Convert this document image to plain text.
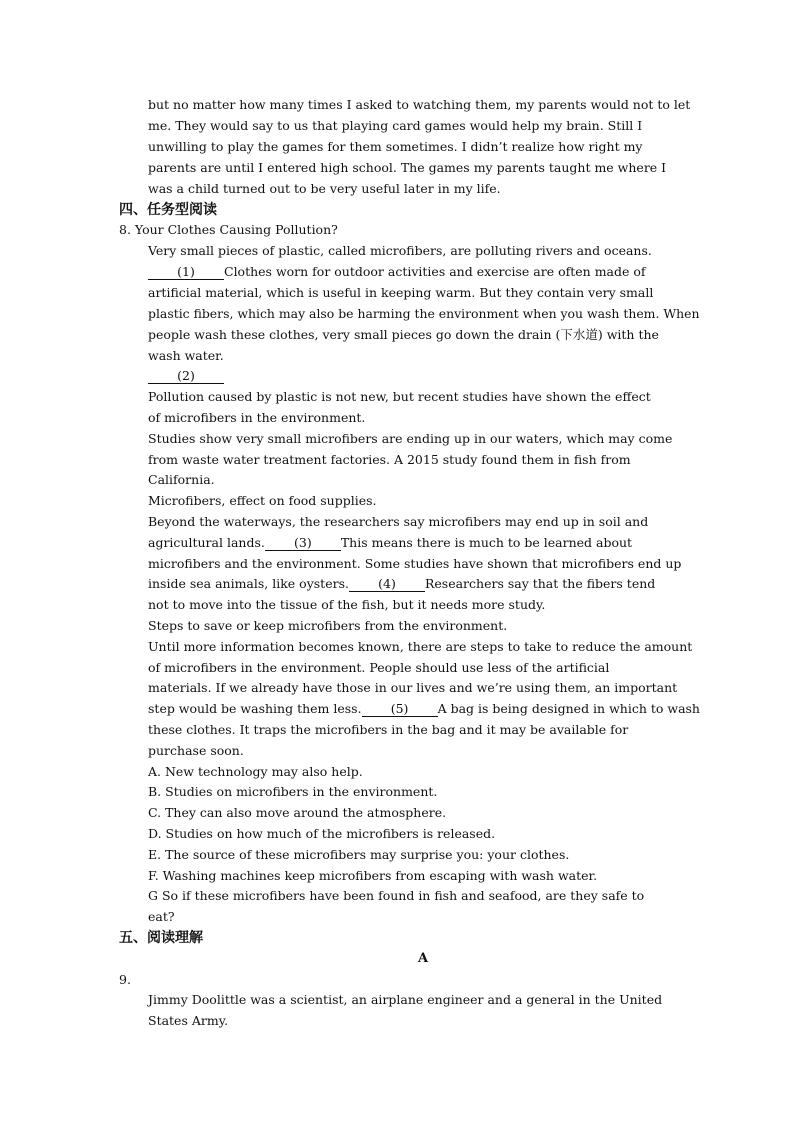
but no matter how many times I asked to watching them, my parents would not to let
me. They would say to us that playing card games would help my brain. Still I
unwilling to play the games for them sometimes. I didn’t realize how right my
parents are until I entered high school. The games my parents taught me where I
was a child turned out to be very useful later in my life.
四、任务型阅读
8. Your Clothes Causing Pollution?
Very small pieces of plastic, called microfibers, are polluting rivers and oceans.
(1) Clothes worn for outdoor activities and exercise are often made of
artificial material, which is useful in keeping warm. But they contain very small
plastic fibers, which may also be harming the environment when you wash them. When
people wash these clothes, very small pieces go down the drain (下水道) with the
wash water.
(2)
Pollution caused by plastic is not new, but recent studies have shown the effect
of microfibers in the environment.
Studies show very small microfibers are ending up in our waters, which may come
from waste water treatment factories. A 2015 study found them in fish from
California.
Microfibers, effect on food supplies.
Beyond the waterways, the researchers say microfibers may end up in soil and
agricultural lands. (3) This means there is much to be learned about
microfibers and the environment. Some studies have shown that microfibers end up
inside sea animals, like oysters. (4) Researchers say that the fibers tend
not to move into the tissue of the fish, but it needs more study.
Steps to save or keep microfibers from the environment.
Until more information becomes known, there are steps to take to reduce the amount
of microfibers in the environment. People should use less of the artificial
materials. If we already have those in our lives and we’re using them, an important
step would be washing them less. (5) A bag is being designed in which to wash
these clothes. It traps the microfibers in the bag and it may be available for
purchase soon.
A. New technology may also help.
B. Studies on microfibers in the environment.
C. They can also move around the atmosphere.
D. Studies on how much of the microfibers is released.
E. The source of these microfibers may surprise you: your clothes.
F. Washing machines keep microfibers from escaping with wash water.
G So if these microfibers have been found in fish and seafood, are they safe to
eat?
五、阅读理解
A
9.
Jimmy Doolittle was a scientist, an airplane engineer and a general in the United
States Army.
